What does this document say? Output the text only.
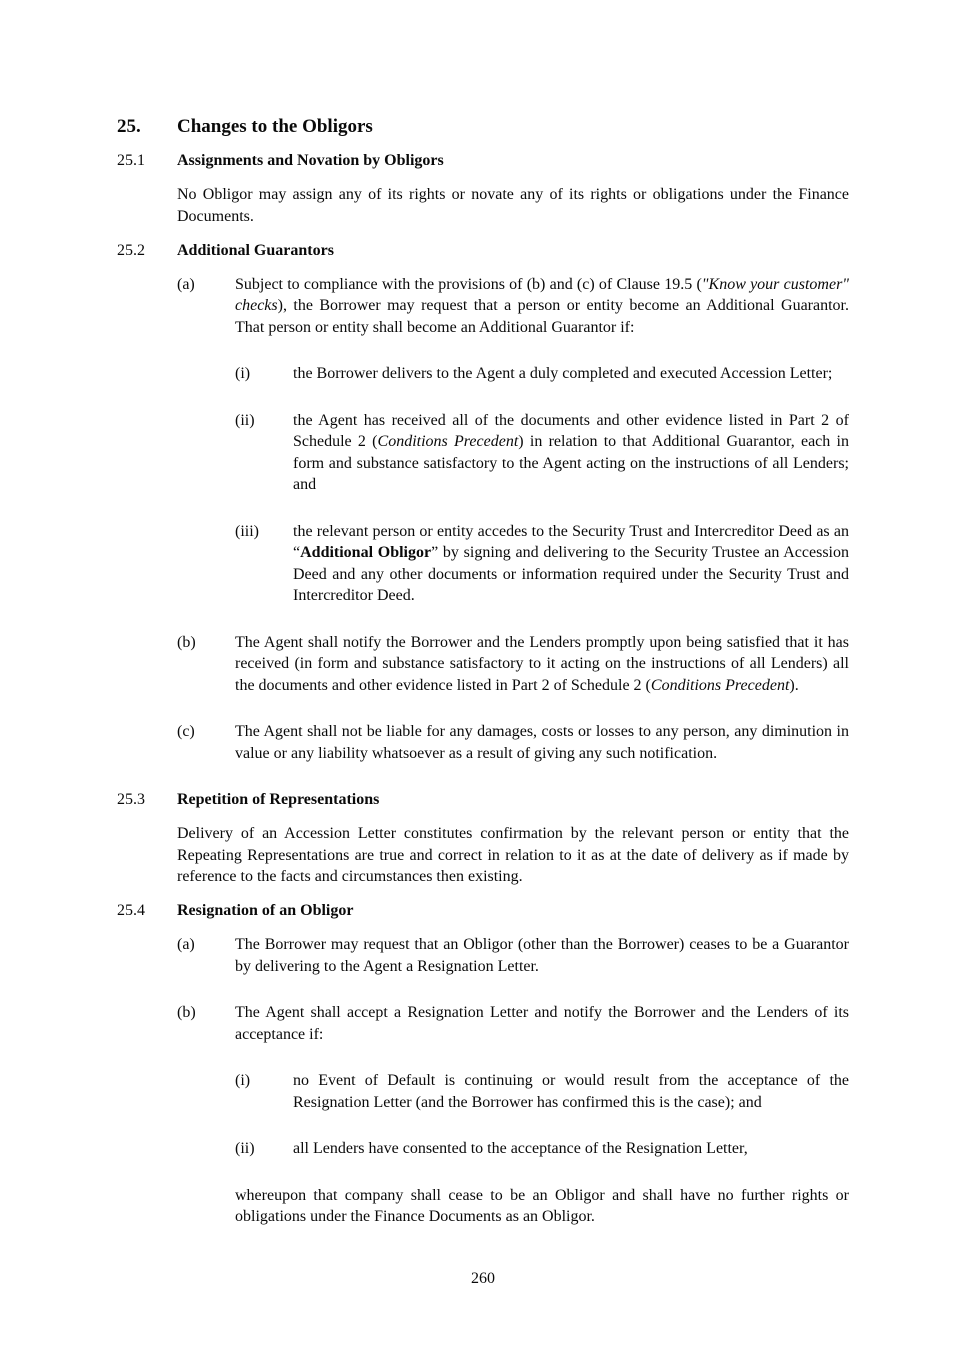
25.	Changes to the Obligors
25.1	Assignments and Novation by Obligors

No Obligor may assign any of its rights or novate any of its rights or obligations under the Finance Documents.

25.2	Additional Guarantors
(a)	Subject to compliance with the provisions of (b) and (c) of Clause 19.5 ("Know your customer" checks), the Borrower may request that a person or entity become an Additional Guarantor. That person or entity shall become an Additional Guarantor if:

(i)	the Borrower delivers to the Agent a duly completed and executed Accession Letter;

(ii)	the Agent has received all of the documents and other evidence listed in Part 2 of Schedule 2 (Conditions Precedent) in relation to that Additional Guarantor, each in form and substance satisfactory to the Agent acting on the instructions of all Lenders; and

(iii)	the relevant person or entity accedes to the Security Trust and Intercreditor Deed as an “Additional Obligor” by signing and delivering to the Security Trustee an Accession Deed and any other documents or information required under the Security Trust and Intercreditor Deed.

(b)	The Agent shall notify the Borrower and the Lenders promptly upon being satisfied that it has received (in form and substance satisfactory to it acting on the instructions of all Lenders) all the documents and other evidence listed in Part 2 of Schedule 2 (Conditions Precedent).

(c)	The Agent shall not be liable for any damages, costs or losses to any person, any diminution in value or any liability whatsoever as a result of giving any such notification.

25.3	Repetition of Representations

Delivery of an Accession Letter constitutes confirmation by the relevant person or entity that the Repeating Representations are true and correct in relation to it as at the date of delivery as if made by reference to the facts and circumstances then existing.

25.4	Resignation of an Obligor
(a)	The Borrower may request that an Obligor (other than the Borrower) ceases to be a Guarantor by delivering to the Agent a Resignation Letter.

(b)	The Agent shall accept a Resignation Letter and notify the Borrower and the Lenders of its acceptance if:

(i)	no Event of Default is continuing or would result from the acceptance of the Resignation Letter (and the Borrower has confirmed this is the case); and

(ii)	all Lenders have consented to the acceptance of the Resignation Letter,

whereupon that company shall cease to be an Obligor and shall have no further rights or obligations under the Finance Documents as an Obligor.

260
